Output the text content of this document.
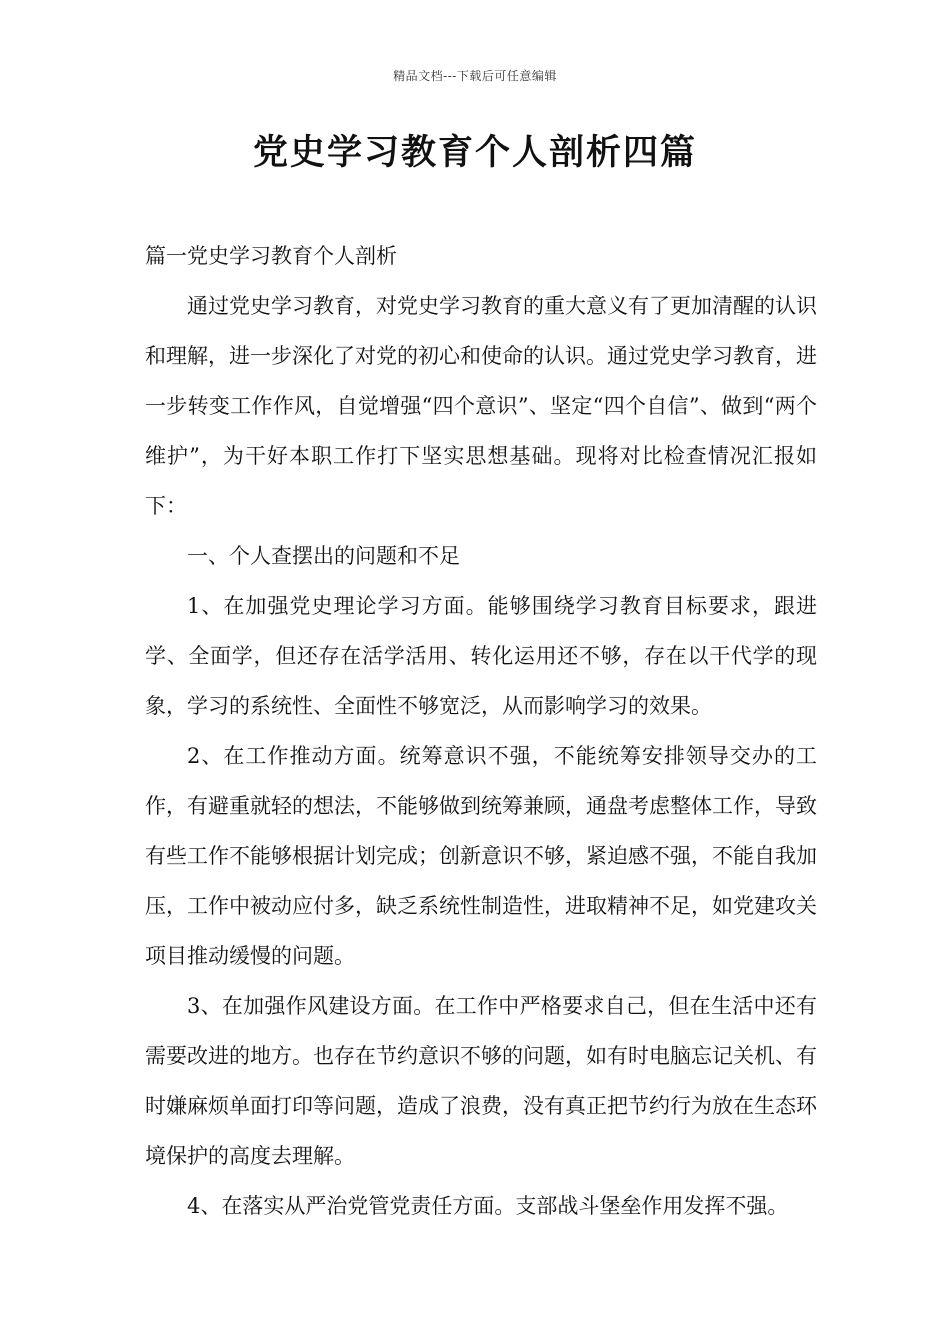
精品文档---下载后可任意编辑
党史学习教育个人剖析四篇

篇一党史学习教育个人剖析

通过党史学习教育，对党史学习教育的重大意义有了更加清醒的认识和理解，进一步深化了对党的初心和使命的认识。通过党史学习教育，进一步转变工作作风，自觉增强“四个意识”、坚定“四个自信”、做到“两个维护”，为干好本职工作打下坚实思想基础。现将对比检查情况汇报如下：

一、个人查摆出的问题和不足

1、在加强党史理论学习方面。能够围绕学习教育目标要求，跟进学、全面学，但还存在活学活用、转化运用还不够，存在以干代学的现象，学习的系统性、全面性不够宽泛，从而影响学习的效果。

2、在工作推动方面。统筹意识不强，不能统筹安排领导交办的工作，有避重就轻的想法，不能够做到统筹兼顾，通盘考虑整体工作，导致有些工作不能够根据计划完成；创新意识不够，紧迫感不强，不能自我加压，工作中被动应付多，缺乏系统性制造性，进取精神不足，如党建攻关项目推动缓慢的问题。

3、在加强作风建设方面。在工作中严格要求自己，但在生活中还有需要改进的地方。也存在节约意识不够的问题，如有时电脑忘记关机、有时嫌麻烦单面打印等问题，造成了浪费，没有真正把节约行为放在生态环境保护的高度去理解。

4、在落实从严治党管党责任方面。支部战斗堡垒作用发挥不强。
